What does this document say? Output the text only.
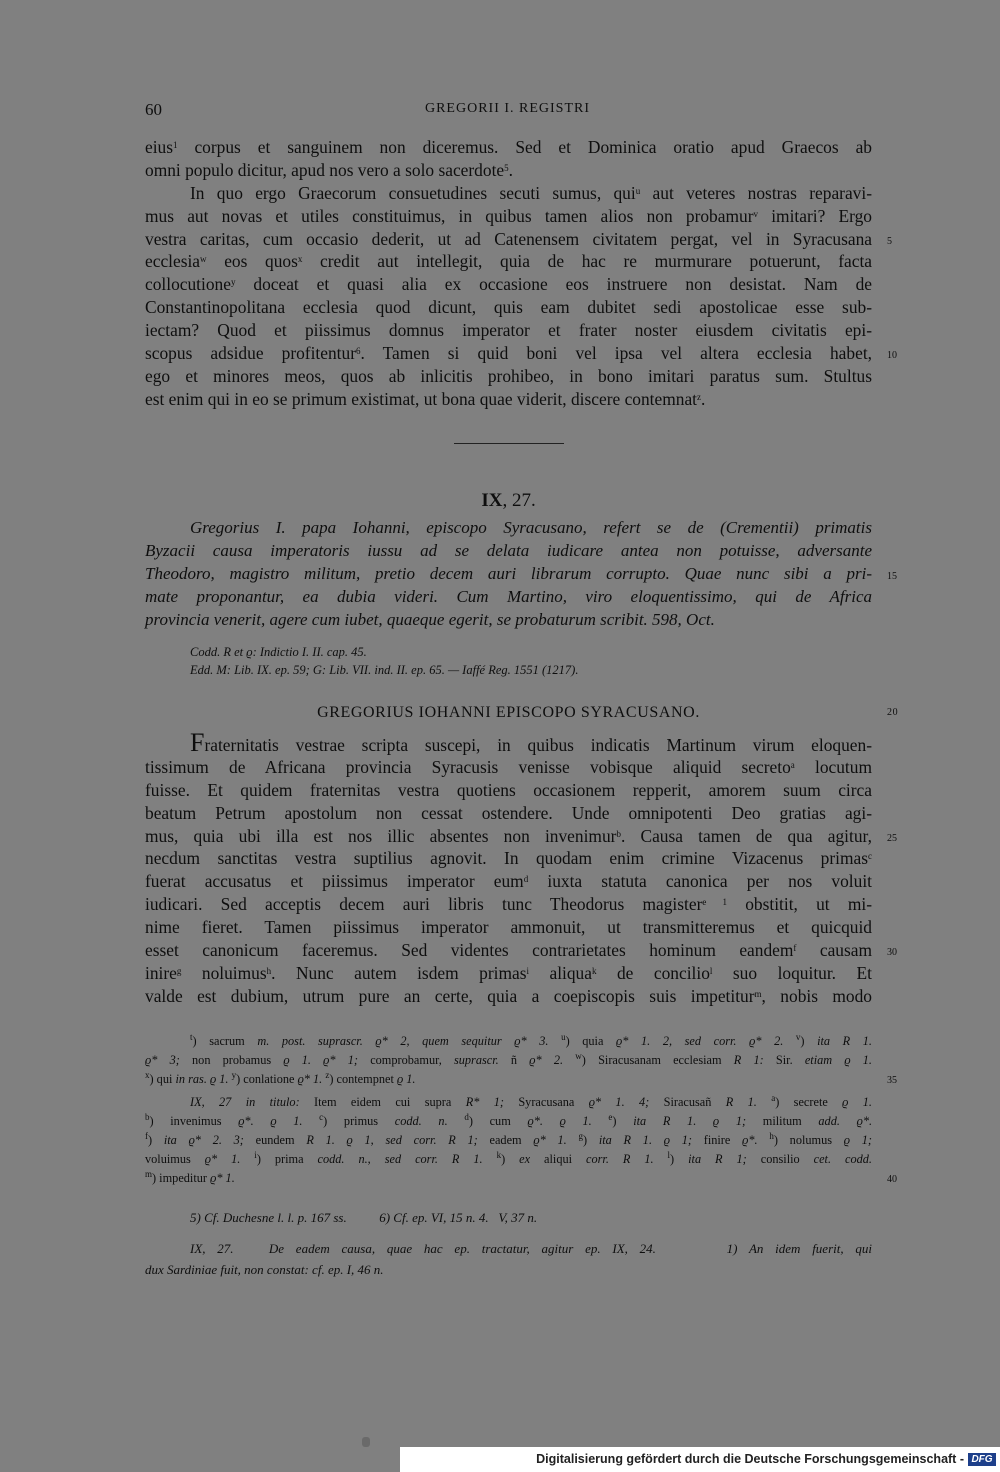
60	GREGORII I. REGISTRI
eius$^1$ corpus et sanguinem non diceremus. Sed et Dominica oratio apud Graecos ab
omni populo dicitur, apud nos vero a solo sacerdote$^5$.
In quo ergo Graecorum consuetudines secuti sumus, qui$^u$ aut veteres nostras reparavi-
mus aut novas et utiles constituimus, in quibus tamen alios non probamur$^v$ imitari? Ergo
vestra caritas, cum occasio dederit, ut ad Catenensem civitatem pergat, vel in Syracusana 5
ecclesia$^w$ eos quos$^x$ credit aut intellegit, quia de hac re murmurare potuerunt, facta
collocutione$^y$ doceat et quasi alia ex occasione eos instruere non desistat. Nam de
Constantinopolitana ecclesia quod dicunt, quis eam dubitet sedi apostolicae esse sub-
iectam? Quod et piissimus domnus imperator et frater noster eiusdem civitatis epi-
scopus adsidue profitentur$^6$. Tamen si quid boni vel ipsa vel altera ecclesia habet, 10
ego et minores meos, quos ab inlicitis prohibeo, in bono imitari paratus sum. Stultus
est enim qui in eo se primum existimat, ut bona quae viderit, discere contemnat$^z$.
IX, 27.
Gregorius I. papa Iohanni, episcopo Syracusano, refert se de (Crementii) primatis
Byzacii causa imperatoris iussu ad se delata iudicare antea non potuisse, adversante
Theodoro, magistro militum, pretio decem auri librarum corrupto. Quae nunc sibi a pri- 15
mate proponantur, ea dubia videri. Cum Martino, viro eloquentissimo, qui de Africa
provincia venerit, agere cum iubet, quaeque egerit, se probaturum scribit. 598, Oct.
Codd. R et ϱ: Indictio I. II. cap. 45.
Edd. M: Lib. IX. ep. 59; G: Lib. VII. ind. II. ep. 65. — Iaffé Reg. 1551 (1217).
GREGORIUS IOHANNI EPISCOPO SYRACUSANO.	20
Fraternitatis vestrae scripta suscepi, in quibus indicatis Martinum virum eloquen-
tissimum de Africana provincia Syracusis venisse vobisque aliquid secreto$^a$ locutum
fuisse. Et quidem fraternitas vestra quotiens occasionem repperit, amorem suum circa
beatum Petrum apostolum non cessat ostendere. Unde omnipotenti Deo gratias agi-
mus, quia ubi illa est nos illic absentes non invenimur$^b$. Causa tamen de qua agitur, 25
necdum sanctitas vestra suptilius agnovit. In quodam enim crimine Vizacenus primas$^c$
fuerat accusatus et piissimus imperator eum$^d$ iuxta statuta canonica per nos voluit
iudicari. Sed acceptis decem auri libris tunc Theodorus magister$^{e 1}$ obstitit, ut mi-
nime fieret. Tamen piissimus imperator ammonuit, ut transmitteremus et quicquid
esset canonicum faceremus. Sed videntes contrarietates hominum eandem$^f$ causam 30
inire$^g$ noluimus$^h$. Nunc autem isdem primas$^i$ aliqua$^k$ de concilio$^l$ suo loquitur. Et
valde est dubium, utrum pure an certe, quia a coepiscopis suis impetitur$^m$, nobis modo
$^t$) sacrum m. post. suprascr. ϱ* 2, quem sequitur ϱ* 3. $^u$) quia ϱ* 1. 2, sed corr. ϱ* 2. $^v$) ita R 1.
ϱ* 3; non probamus ϱ 1. ϱ* 1; comprobamur, suprascr. ñ ϱ* 2. $^w$) Siracusanam ecclesiam R 1: Sir. etiam ϱ 1.
$^x$) qui in ras. ϱ 1. $^y$) conlatione ϱ* 1. $^z$) contempnet ϱ 1.	35
IX, 27 in titulo: Item eidem cui supra R* 1; Syracusana ϱ* 1. 4; Siracusañ R 1. $^a$) secrete ϱ 1.
$^b$) invenimus ϱ*. ϱ 1. $^c$) primus codd. n. $^d$) cum ϱ*. ϱ 1. $^e$) ita R 1. ϱ 1; militum add. ϱ*.
$^f$) ita ϱ* 2. 3; eundem R 1. ϱ 1, sed corr. R 1; eadem ϱ* 1. $^g$) ita R 1. ϱ 1; finire ϱ*. $^h$) nolumus ϱ 1;
voluimus ϱ* 1. $^i$) prima codd. n., sed corr. R 1. $^k$) ex aliqui corr. R 1. $^l$) ita R 1; consilio cet. codd.
$^m$) impeditur ϱ* 1.	40
5) Cf. Duchesne l. l. p. 167 ss.          6) Cf. ep. VI, 15 n. 4.   V, 37 n.
IX, 27.   De eadem causa, quae hac ep. tractatur, agitur ep. IX, 24.      1) An idem fuerit, qui
dux Sardiniae fuit, non constat: cf. ep. I, 46 n.
Digitalisierung gefördert durch die Deutsche Forschungsgemeinschaft - DFG
